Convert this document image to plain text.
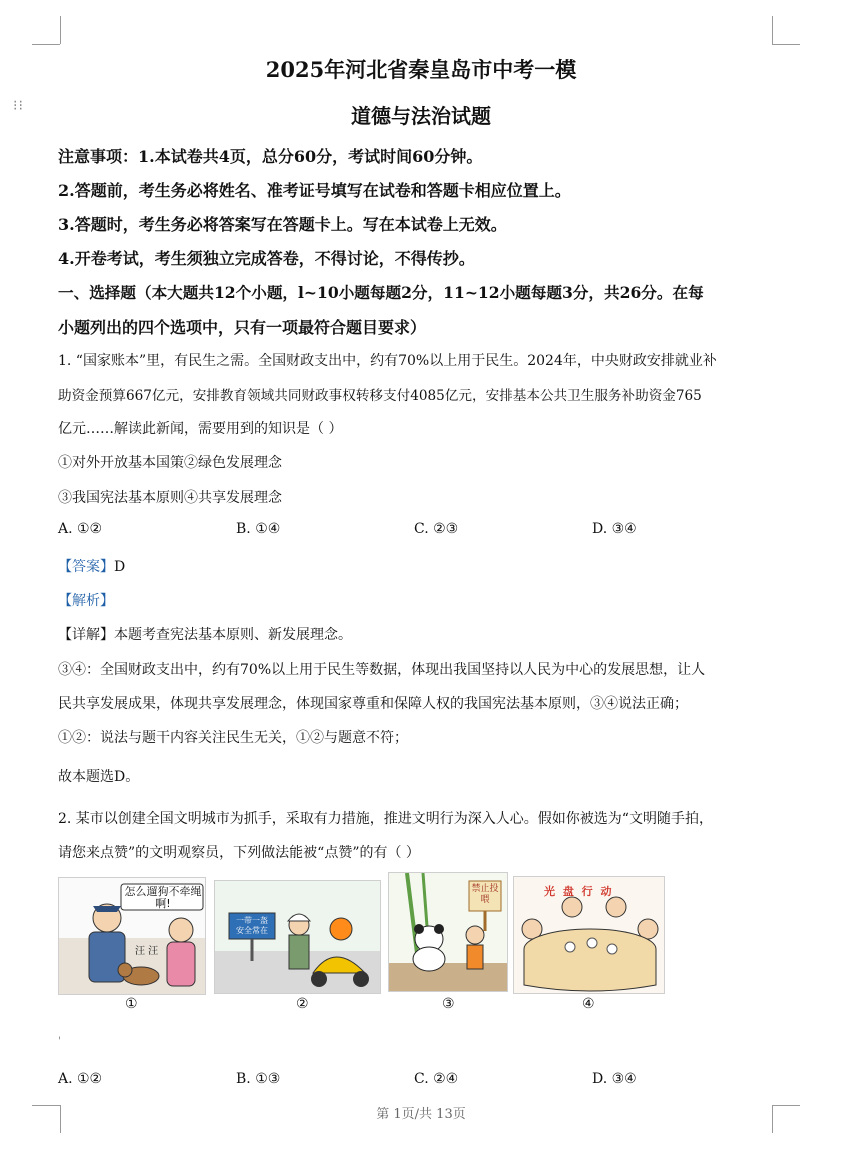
⁝⁝
2025年河北省秦皇岛市中考一模
道德与法治试题
注意事项：1.本试卷共4页，总分60分，考试时间60分钟。
2.答题前，考生务必将姓名、准考证号填写在试卷和答题卡相应位置上。
3.答题时，考生务必将答案写在答题卡上。写在本试卷上无效。
4.开卷考试，考生须独立完成答卷，不得讨论，不得传抄。
一、选择题（本大题共12个小题，l~10小题每题2分，11~12小题每题3分，共26分。在每
小题列出的四个选项中，只有一项最符合题目要求）
1. “国家账本”里，有民生之需。全国财政支出中，约有70%以上用于民生。2024年，中央财政安排就业补
助资金预算667亿元，安排教育领域共同财政事权转移支付4085亿元，安排基本公共卫生服务补助资金765
亿元……解读此新闻，需要用到的知识是（ ）
①对外开放基本国策②绿色发展理念
③我国宪法基本原则④共享发展理念
A. ①②	B. ①④	C. ②③	D. ③④
【答案】D
【解析】
【详解】本题考查宪法基本原则、新发展理念。
③④：全国财政支出中，约有70%以上用于民生等数据，体现出我国坚持以人民为中心的发展思想，让人
民共享发展成果，体现共享发展理念，体现国家尊重和保障人权的我国宪法基本原则，③④说法正确；
①②：说法与题干内容关注民生无关，①②与题意不符；
故本题选D。
2. 某市以创建全国文明城市为抓手，采取有力措施，推进文明行为深入人心。假如你被选为“文明随手拍，
请您来点赞”的文明观察员，下列做法能被“点赞”的有（ ）
怎么遛狗不牵绳啊!
汪 汪
①
一带一盔 安全常在
②
禁止投喂
③
光 盘 行 动
④
'
A. ①②	B. ①③	C. ②④	D. ③④
第 1页/共 13页
